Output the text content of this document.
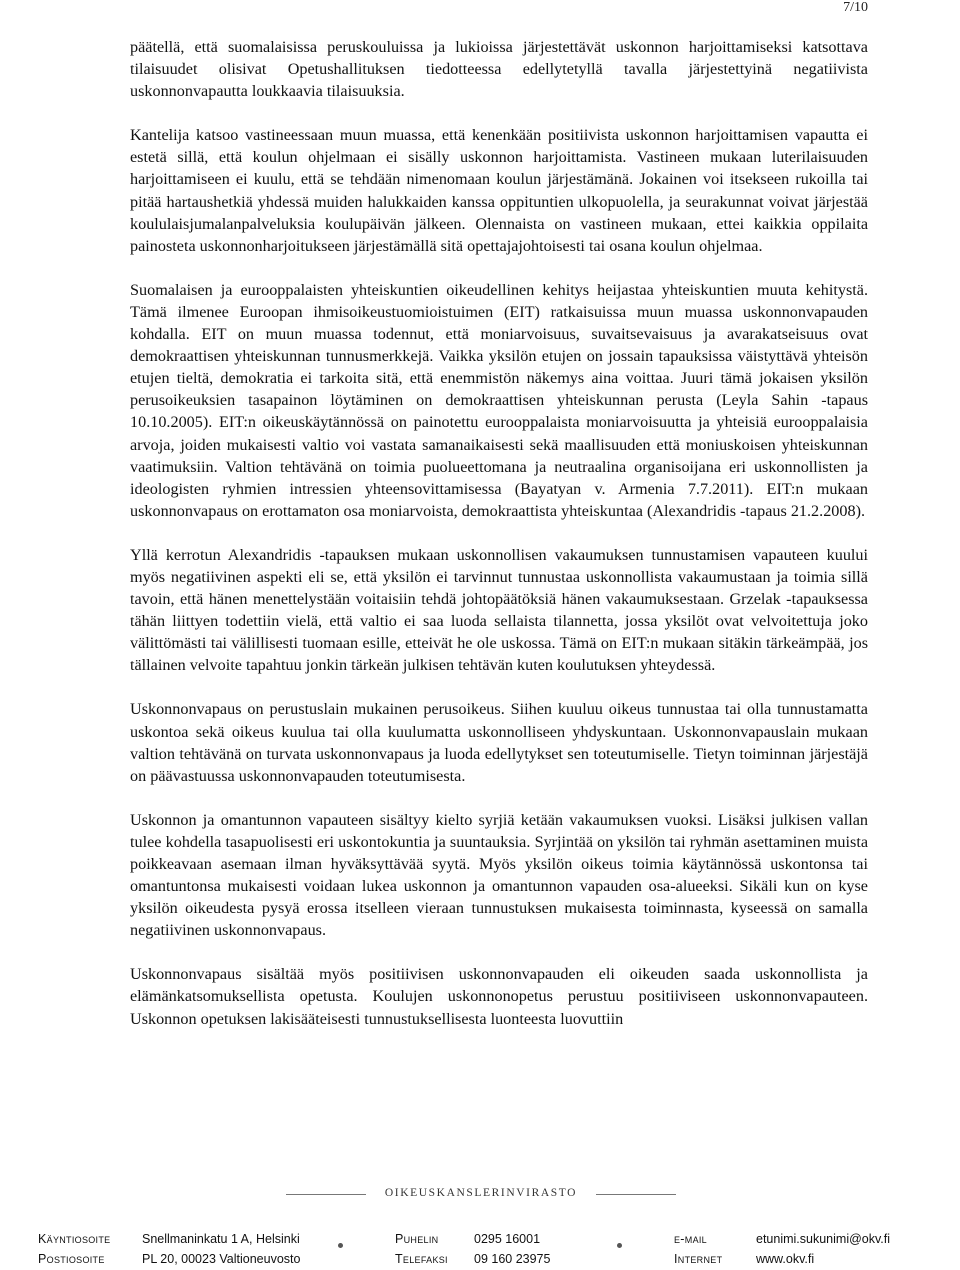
7/10

päätellä, että suomalaisissa peruskouluissa ja lukioissa järjestettävät uskonnon harjoittamiseksi katsottava tilaisuudet olisivat Opetushallituksen tiedotteessa edellytetyllä tavalla järjestettyinä negatiivista uskonnonvapautta loukkaavia tilaisuuksia.

Kantelija katsoo vastineessaan muun muassa, että kenenkään positiivista uskonnon harjoittamisen vapautta ei estetä sillä, että koulun ohjelmaan ei sisälly uskonnon harjoittamista. Vastineen mukaan luterilaisuuden harjoittamiseen ei kuulu, että se tehdään nimenomaan koulun järjestämänä. Jokainen voi itsekseen rukoilla tai pitää hartaushetkiä yhdessä muiden halukkaiden kanssa oppituntien ulkopuolella, ja seurakunnat voivat järjestää koululaisjumalanpalveluksia koulupäivän jälkeen. Olennaista on vastineen mukaan, ettei kaikkia oppilaita painosteta uskonnonharjoitukseen järjestämällä sitä opettajajohtoisesti tai osana koulun ohjelmaa.

Suomalaisen ja eurooppalaisten yhteiskuntien oikeudellinen kehitys heijastaa yhteiskuntien muuta kehitystä. Tämä ilmenee Euroopan ihmisoikeustuomioistuimen (EIT) ratkaisuissa muun muassa uskonnonvapauden kohdalla. EIT on muun muassa todennut, että moniarvoisuus, suvaitsevaisuus ja avarakatseisuus ovat demokraattisen yhteiskunnan tunnusmerkkejä. Vaikka yksilön etujen on jossain tapauksissa väistyttävä yhteisön etujen tieltä, demokratia ei tarkoita sitä, että enemmistön näkemys aina voittaa. Juuri tämä jokaisen yksilön perusoikeuksien tasapainon löytäminen on demokraattisen yhteiskunnan perusta (Leyla Sahin -tapaus 10.10.2005). EIT:n oikeuskäytännössä on painotettu eurooppalaista moniarvoisuutta ja yhteisiä eurooppalaisia arvoja, joiden mukaisesti valtio voi vastata samanaikaisesti sekä maallisuuden että moniuskoisen yhteiskunnan vaatimuksiin. Valtion tehtävänä on toimia puolueettomana ja neutraalina organisoijana eri uskonnollisten ja ideologisten ryhmien intressien yhteensovittamisessa (Bayatyan v. Armenia 7.7.2011). EIT:n mukaan uskonnonvapaus on erottamaton osa moniarvoista, demokraattista yhteiskuntaa (Alexandridis -tapaus 21.2.2008).

Yllä kerrotun Alexandridis -tapauksen mukaan uskonnollisen vakaumuksen tunnustamisen vapauteen kuului myös negatiivinen aspekti eli se, että yksilön ei tarvinnut tunnustaa uskonnollista vakaumustaan ja toimia sillä tavoin, että hänen menettelystään voitaisiin tehdä johtopäätöksiä hänen vakaumuksestaan. Grzelak -tapauksessa tähän liittyen todettiin vielä, että valtio ei saa luoda sellaista tilannetta, jossa yksilöt ovat velvoitettuja joko välittömästi tai välillisesti tuomaan esille, etteivät he ole uskossa. Tämä on EIT:n mukaan sitäkin tärkeämpää, jos tällainen velvoite tapahtuu jonkin tärkeän julkisen tehtävän kuten koulutuksen yhteydessä.

Uskonnonvapaus on perustuslain mukainen perusoikeus. Siihen kuuluu oikeus tunnustaa tai olla tunnustamatta uskontoa sekä oikeus kuulua tai olla kuulumatta uskonnolliseen yhdyskuntaan. Uskonnonvapauslain mukaan valtion tehtävänä on turvata uskonnonvapaus ja luoda edellytykset sen toteutumiselle. Tietyn toiminnan järjestäjä on päävastuussa uskonnonvapauden toteutumisesta.

Uskonnon ja omantunnon vapauteen sisältyy kielto syrjiä ketään vakaumuksen vuoksi. Lisäksi julkisen vallan tulee kohdella tasapuolisesti eri uskontokuntia ja suuntauksia. Syrjintää on yksilön tai ryhmän asettaminen muista poikkeavaan asemaan ilman hyväksyttävää syytä. Myös yksilön oikeus toimia käytännössä uskontonsa tai omantuntonsa mukaisesti voidaan lukea uskonnon ja omantunnon vapauden osa-alueeksi. Sikäli kun on kyse yksilön oikeudesta pysyä erossa itselleen vieraan tunnustuksen mukaisesta toiminnasta, kyseessä on samalla negatiivinen uskonnonvapaus.

Uskonnonvapaus sisältää myös positiivisen uskonnonvapauden eli oikeuden saada uskonnollista ja elämänkatsomuksellista opetusta. Koulujen uskonnonopetus perustuu positiiviseen uskonnonvapauteen. Uskonnon opetuksen lakisääteisesti tunnustuksellisesta luonteesta luovuttiin

OIKEUSKANSLERINVIRASTO
Käyntiosoite	Snellmaninkatu 1 A, Helsinki	Puhelin	0295 16001	e-mail	etunimi.sukunimi@okv.fi
Postiosoite	PL 20, 00023 Valtioneuvosto	Telefaksi 09 160 23975	Internet	www.okv.fi
